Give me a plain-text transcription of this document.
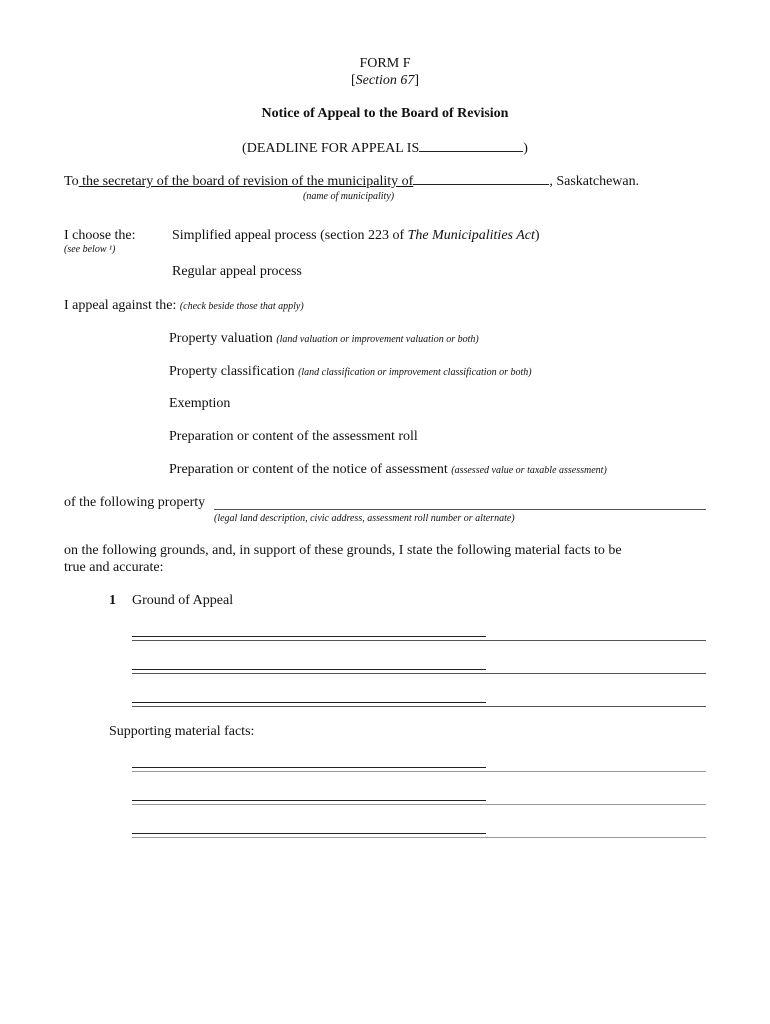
FORM F
[Section 67]
Notice of Appeal to the Board of Revision
(DEADLINE FOR APPEAL IS	)
To the secretary of the board of revision of the municipality of	, Saskatchewan.
(name of municipality)
I choose the:
(see below ¹)
Simplified appeal process (section 223 of The Municipalities Act)
Regular appeal process
I appeal against the: (check beside those that apply)
Property valuation (land valuation or improvement valuation or both)
Property classification (land classification or improvement classification or both)
Exemption
Preparation or content of the assessment roll
Preparation or content of the notice of assessment (assessed value or taxable assessment)
of the following property
(legal land description, civic address, assessment roll number or alternate)
on the following grounds, and, in support of these grounds, I state the following material facts to be
true and accurate:
1 Ground of Appeal
Supporting material facts:
